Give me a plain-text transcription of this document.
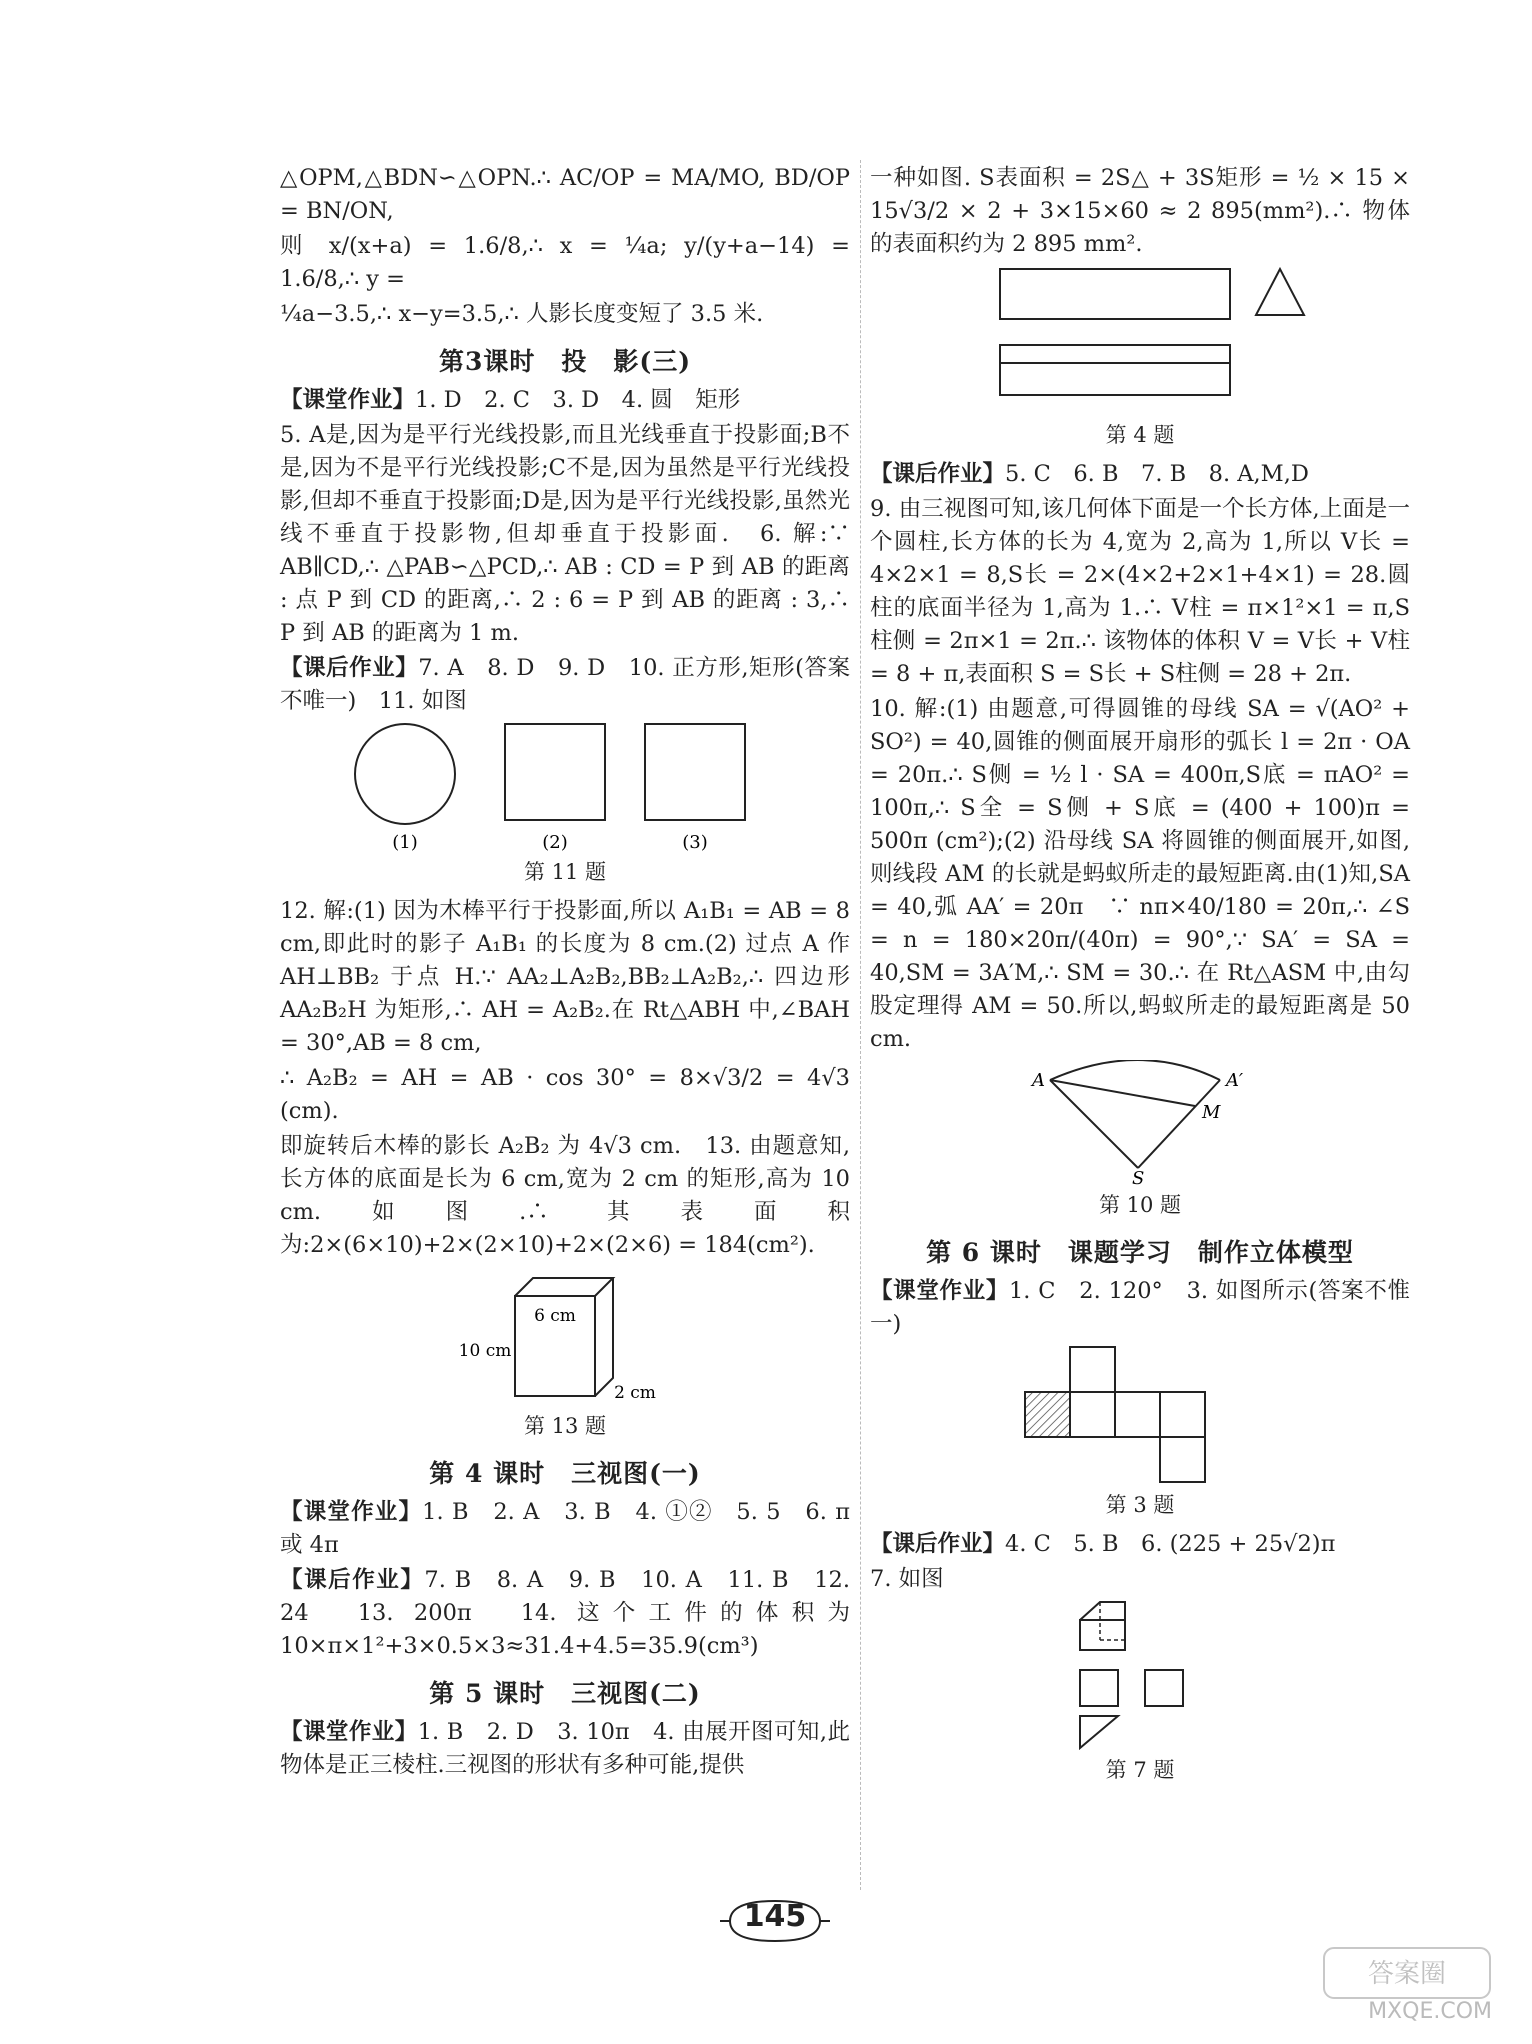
△OPM,△BDN∽△OPN.∴ AC/OP = MA/MO, BD/OP = BN/ON,

则 x/(x+a) = 1.6/8,∴ x = ¼a; y/(y+a−14) = 1.6/8,∴ y =

¼a−3.5,∴ x−y=3.5,∴ 人影长度变短了 3.5 米.

第3课时　投　影(三)

【课堂作业】1. D　2. C　3. D　4. 圆　矩形

5. A是,因为是平行光线投影,而且光线垂直于投影面;B不是,因为不是平行光线投影;C不是,因为虽然是平行光线投影,但却不垂直于投影面;D是,因为是平行光线投影,虽然光线不垂直于投影物,但却垂直于投影面.　6. 解:∵ AB∥CD,∴ △PAB∽△PCD,∴ AB : CD = P 到 AB 的距离 : 点 P 到 CD 的距离,∴ 2 : 6 = P 到 AB 的距离 : 3,∴ P 到 AB 的距离为 1 m.

【课后作业】7. A　8. D　9. D　10. 正方形,矩形(答案不唯一)　11. 如图

(1)	(2)	(3)
第 11 题

12. 解:(1) 因为木棒平行于投影面,所以 A₁B₁ = AB = 8 cm,即此时的影子 A₁B₁ 的长度为 8 cm.(2) 过点 A 作 AH⊥BB₂ 于点 H.∵ AA₂⊥A₂B₂,BB₂⊥A₂B₂,∴ 四边形 AA₂B₂H 为矩形,∴ AH = A₂B₂.在 Rt△ABH 中,∠BAH = 30°,AB = 8 cm,

∴ A₂B₂ = AH = AB · cos 30° = 8×√3/2 = 4√3 (cm).

即旋转后木棒的影长 A₂B₂ 为 4√3 cm.　13. 由题意知,长方体的底面是长为 6 cm,宽为 2 cm 的矩形,高为 10 cm.如图.∴ 其表面积为:2×(6×10)+2×(2×10)+2×(2×6) = 184(cm²).

6 cm
10 cm
2 cm
第 13 题
第 4 课时　三视图(一)

【课堂作业】1. B　2. A　3. B　4. ①②　5. 5　6. π 或 4π

【课后作业】7. B　8. A　9. B　10. A　11. B　12. 24　13. 200π　14. 这个工件的体积为 10×π×1²+3×0.5×3≈31.4+4.5=35.9(cm³)

第 5 课时　三视图(二)

【课堂作业】1. B　2. D　3. 10π　4. 由展开图可知,此物体是正三棱柱.三视图的形状有多种可能,提供

一种如图. S表面积 = 2S△ + 3S矩形 = ½ × 15 × 15√3/2 × 2 + 3×15×60 ≈ 2 895(mm²).∴ 物体的表面积约为 2 895 mm².

第 4 题

【课后作业】5. C　6. B　7. B　8. A,M,D

9. 由三视图可知,该几何体下面是一个长方体,上面是一个圆柱,长方体的长为 4,宽为 2,高为 1,所以 V长 = 4×2×1 = 8,S长 = 2×(4×2+2×1+4×1) = 28.圆柱的底面半径为 1,高为 1.∴ V柱 = π×1²×1 = π,S柱侧 = 2π×1 = 2π.∴ 该物体的体积 V = V长 + V柱 = 8 + π,表面积 S = S长 + S柱侧 = 28 + 2π.

10. 解:(1) 由题意,可得圆锥的母线 SA = √(AO² + SO²) = 40,圆锥的侧面展开扇形的弧长 l = 2π · OA = 20π.∴ S侧 = ½ l · SA = 400π,S底 = πAO² = 100π,∴ S全 = S侧 + S底 = (400 + 100)π = 500π (cm²);(2) 沿母线 SA 将圆锥的侧面展开,如图,则线段 AM 的长就是蚂蚁所走的最短距离.由(1)知,SA = 40,弧 AA′ = 20π　∵ nπ×40/180 = 20π,∴ ∠S = n = 180×20π/(40π) = 90°,∵ SA′ = SA = 40,SM = 3A′M,∴ SM = 30.∴ 在 Rt△ASM 中,由勾股定理得 AM = 50.所以,蚂蚁所走的最短距离是 50 cm.

A	A′
M
S
第 10 题
第 6 课时　课题学习　制作立体模型

【课堂作业】1. C　2. 120°　3. 如图所示(答案不惟一)

第 3 题

【课后作业】4. C　5. B　6. (225 + 25√2)π

7. 如图

第 7 题
145
答案圈
MXQE.COM
